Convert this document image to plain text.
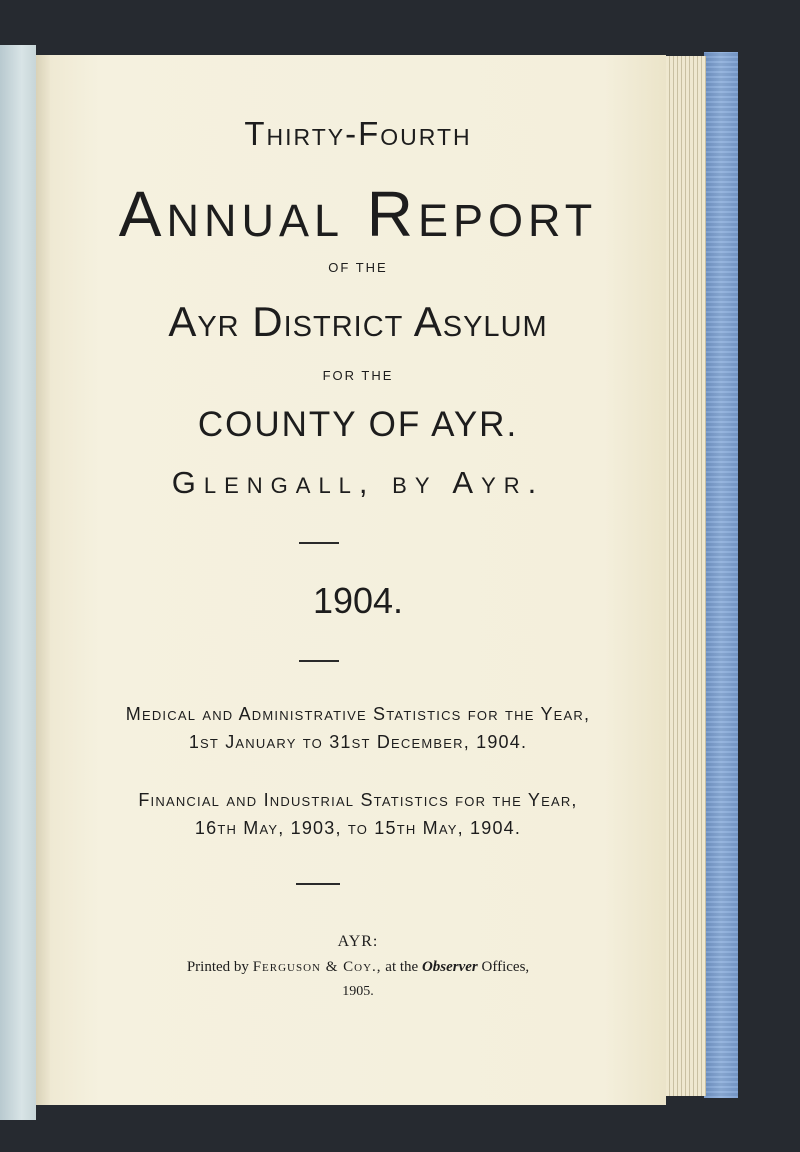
Thirty-Fourth
Annual Report
OF THE
Ayr District Asylum
FOR THE
COUNTY OF AYR.
Glengall, by Ayr.
1904.
Medical and Administrative Statistics for the Year,
1st January to 31st December, 1904.
Financial and Industrial Statistics for the Year,
16th May, 1903, to 15th May, 1904.
AYR:
Printed by Ferguson & Coy., at the Observer Offices,
1905.
